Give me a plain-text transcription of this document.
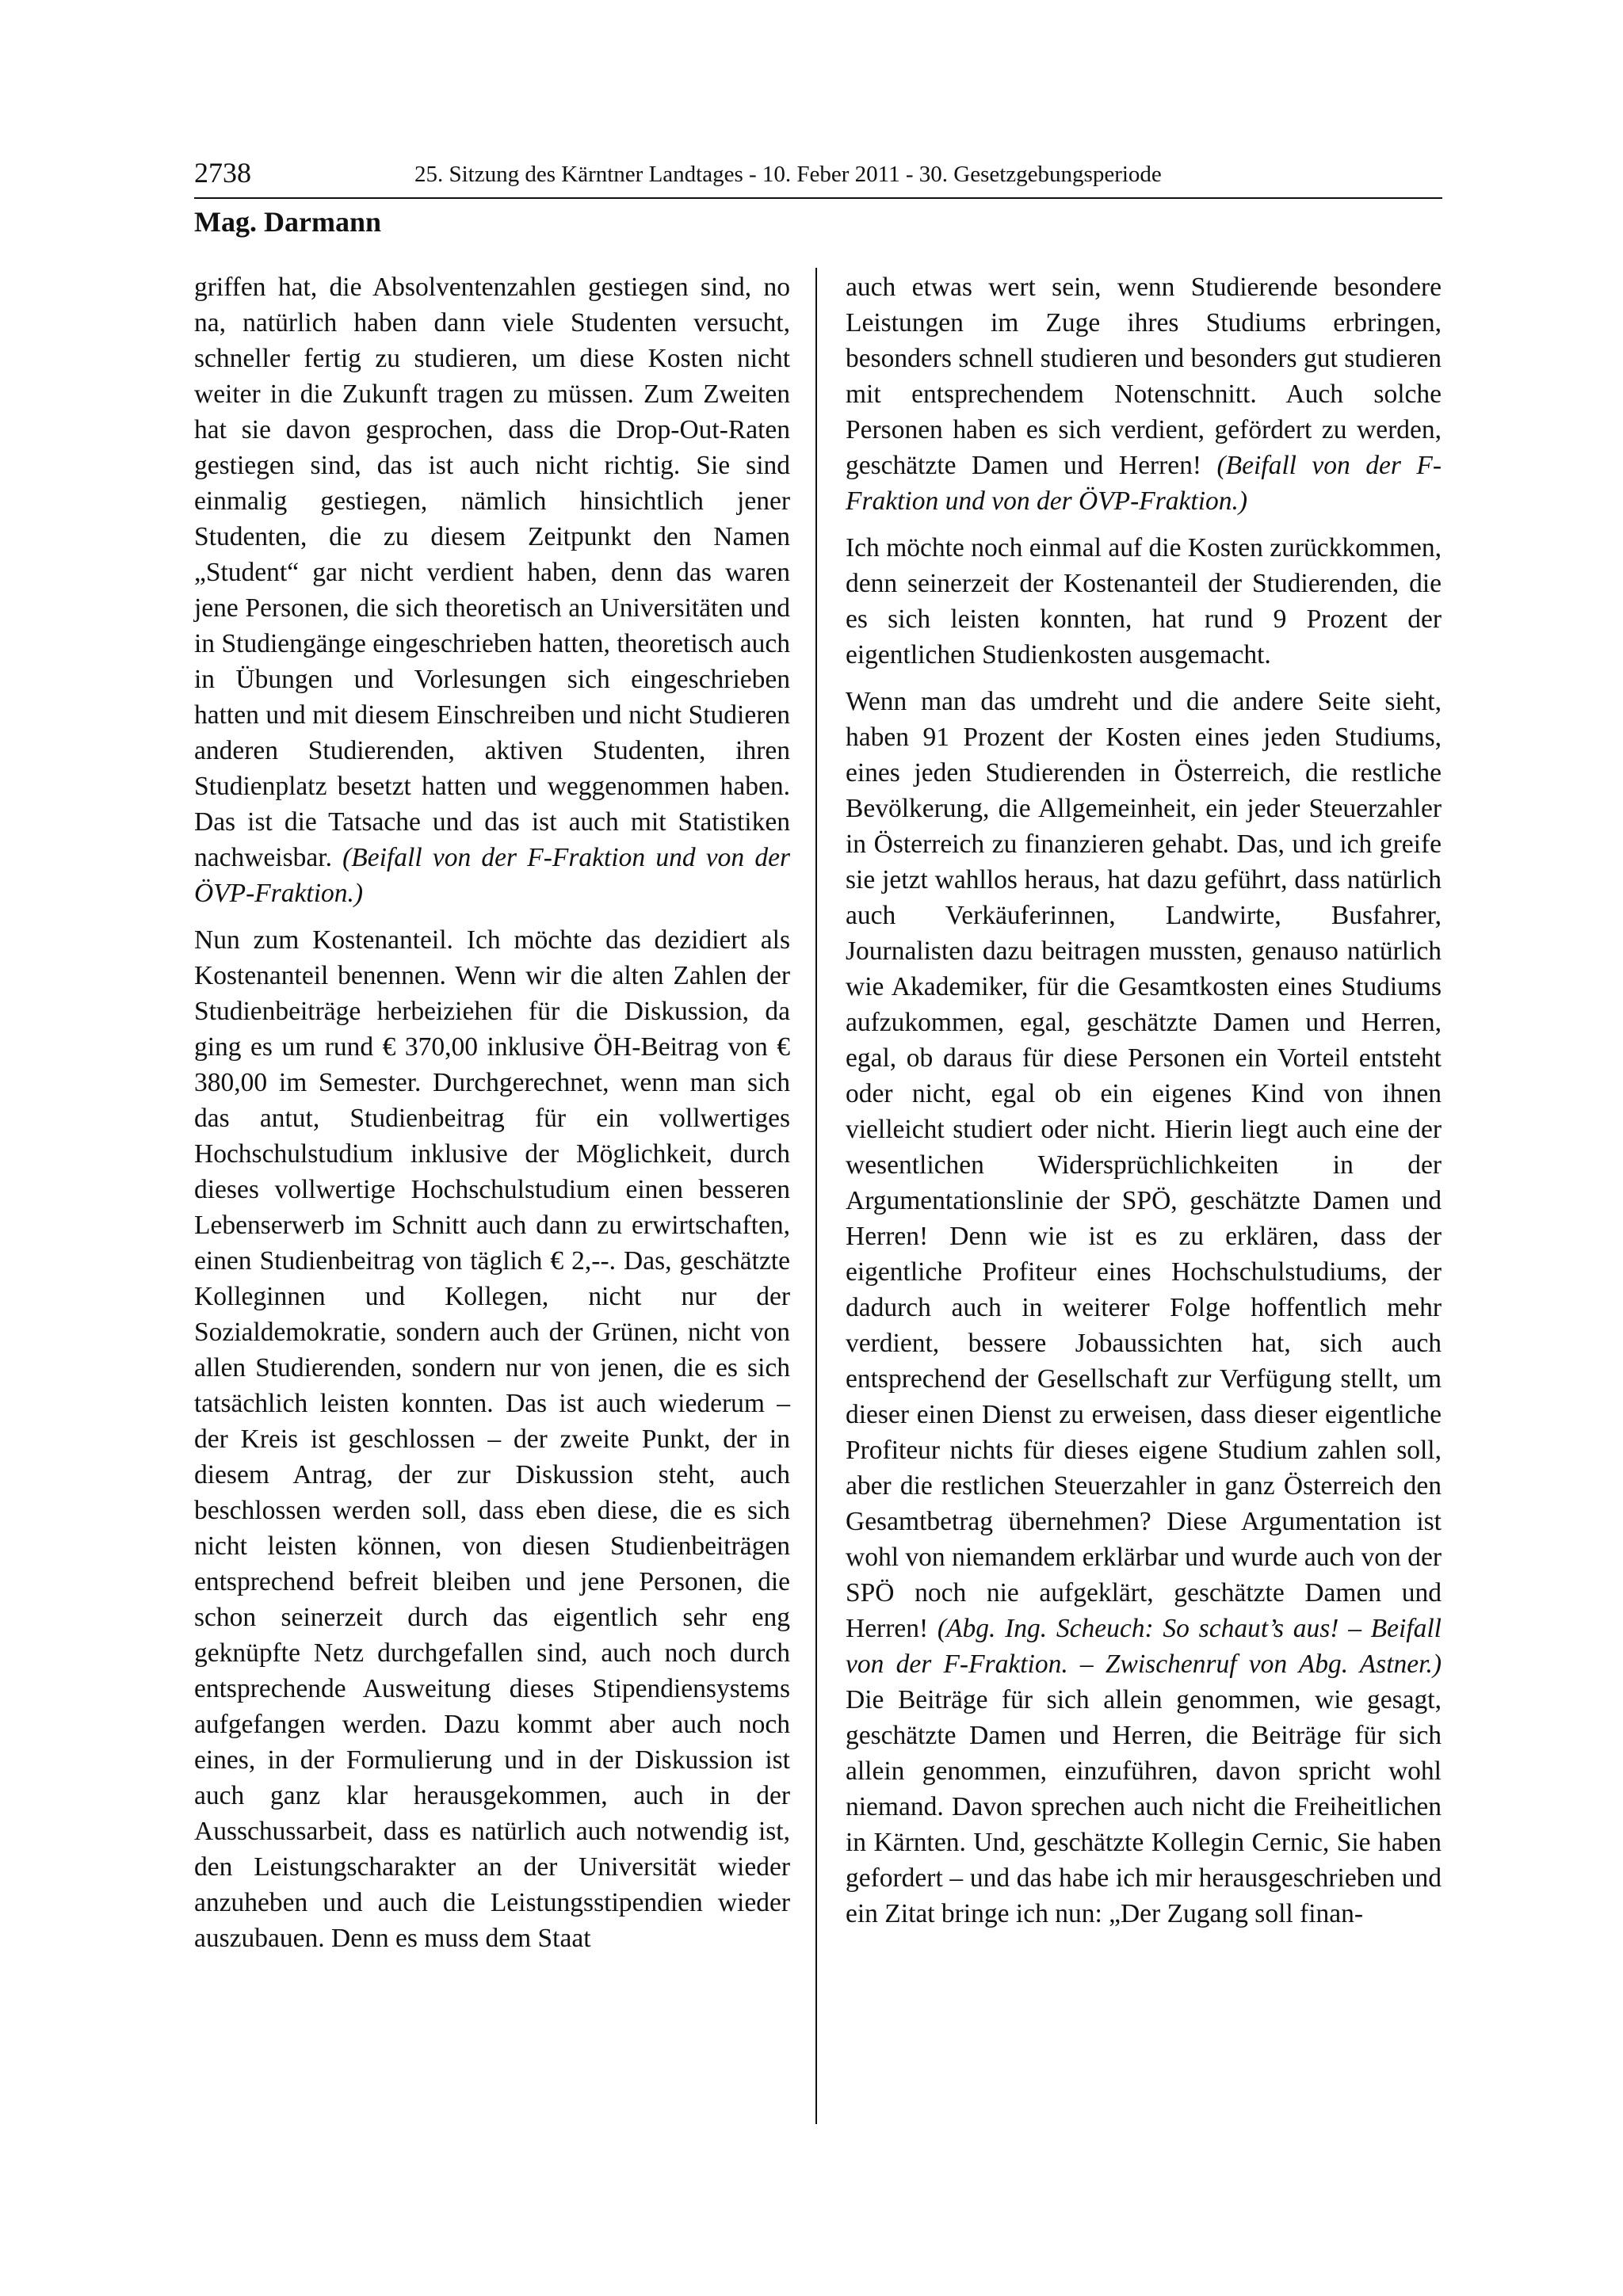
2738	25. Sitzung des Kärntner Landtages - 10. Feber 2011 - 30. Gesetzgebungsperiode
Mag. Darmann

griffen hat, die Absolventenzahlen gestiegen sind, no na, natürlich haben dann viele Studenten versucht, schneller fertig zu studieren, um diese Kosten nicht weiter in die Zukunft tragen zu müssen. Zum Zweiten hat sie davon gesprochen, dass die Drop-Out-Raten gestiegen sind, das ist auch nicht richtig. Sie sind einmalig gestiegen, nämlich hinsichtlich jener Studenten, die zu diesem Zeitpunkt den Namen „Student“ gar nicht verdient haben, denn das waren jene Personen, die sich theoretisch an Universitäten und in Studiengänge eingeschrieben hatten, theoretisch auch in Übungen und Vorlesungen sich eingeschrieben hatten und mit diesem Einschreiben und nicht Studieren anderen Studierenden, aktiven Studenten, ihren Studienplatz besetzt hatten und weggenommen haben. Das ist die Tatsache und das ist auch mit Statistiken nachweisbar. (Beifall von der F-Fraktion und von der ÖVP-Fraktion.)

Nun zum Kostenanteil. Ich möchte das dezidiert als Kostenanteil benennen. Wenn wir die alten Zahlen der Studienbeiträge herbeiziehen für die Diskussion, da ging es um rund € 370,00 inklusive ÖH-Beitrag von € 380,00 im Semester. Durchgerechnet, wenn man sich das antut, Studienbeitrag für ein vollwertiges Hochschulstudium inklusive der Möglichkeit, durch dieses vollwertige Hochschulstudium einen besseren Lebenserwerb im Schnitt auch dann zu erwirtschaften, einen Studienbeitrag von täglich € 2,--. Das, geschätzte Kolleginnen und Kollegen, nicht nur der Sozialdemokratie, sondern auch der Grünen, nicht von allen Studierenden, sondern nur von jenen, die es sich tatsächlich leisten konnten. Das ist auch wiederum – der Kreis ist geschlossen – der zweite Punkt, der in diesem Antrag, der zur Diskussion steht, auch beschlossen werden soll, dass eben diese, die es sich nicht leisten können, von diesen Studienbeiträgen entsprechend befreit bleiben und jene Personen, die schon seinerzeit durch das eigentlich sehr eng geknüpfte Netz durchgefallen sind, auch noch durch entsprechende Ausweitung dieses Stipendiensystems aufgefangen werden. Dazu kommt aber auch noch eines, in der Formulierung und in der Diskussion ist auch ganz klar herausgekommen, auch in der Ausschussarbeit, dass es natürlich auch notwendig ist, den Leistungscharakter an der Universität wieder anzuheben und auch die Leistungsstipendien wieder auszubauen. Denn es muss dem Staat

auch etwas wert sein, wenn Studierende besondere Leistungen im Zuge ihres Studiums erbringen, besonders schnell studieren und besonders gut studieren mit entsprechendem Notenschnitt. Auch solche Personen haben es sich verdient, gefördert zu werden, geschätzte Damen und Herren! (Beifall von der F-Fraktion und von der ÖVP-Fraktion.)

Ich möchte noch einmal auf die Kosten zurückkommen, denn seinerzeit der Kostenanteil der Studierenden, die es sich leisten konnten, hat rund 9 Prozent der eigentlichen Studienkosten ausgemacht.

Wenn man das umdreht und die andere Seite sieht, haben 91 Prozent der Kosten eines jeden Studiums, eines jeden Studierenden in Österreich, die restliche Bevölkerung, die Allgemeinheit, ein jeder Steuerzahler in Österreich zu finanzieren gehabt. Das, und ich greife sie jetzt wahllos heraus, hat dazu geführt, dass natürlich auch Verkäuferinnen, Landwirte, Busfahrer, Journalisten dazu beitragen mussten, genauso natürlich wie Akademiker, für die Gesamtkosten eines Studiums aufzukommen, egal, geschätzte Damen und Herren, egal, ob daraus für diese Personen ein Vorteil entsteht oder nicht, egal ob ein eigenes Kind von ihnen vielleicht studiert oder nicht. Hierin liegt auch eine der wesentlichen Widersprüchlichkeiten in der Argumentationslinie der SPÖ, geschätzte Damen und Herren! Denn wie ist es zu erklären, dass der eigentliche Profiteur eines Hochschulstudiums, der dadurch auch in weiterer Folge hoffentlich mehr verdient, bessere Jobaussichten hat, sich auch entsprechend der Gesellschaft zur Verfügung stellt, um dieser einen Dienst zu erweisen, dass dieser eigentliche Profiteur nichts für dieses eigene Studium zahlen soll, aber die restlichen Steuerzahler in ganz Österreich den Gesamtbetrag übernehmen? Diese Argumentation ist wohl von niemandem erklärbar und wurde auch von der SPÖ noch nie aufgeklärt, geschätzte Damen und Herren! (Abg. Ing. Scheuch: So schaut’s aus! – Beifall von der F-Fraktion. – Zwischenruf von Abg. Astner.) Die Beiträge für sich allein genommen, wie gesagt, geschätzte Damen und Herren, die Beiträge für sich allein genommen, einzuführen, davon spricht wohl niemand. Davon sprechen auch nicht die Freiheitlichen in Kärnten. Und, geschätzte Kollegin Cernic, Sie haben gefordert – und das habe ich mir herausgeschrieben und ein Zitat bringe ich nun: „Der Zugang soll finan-
